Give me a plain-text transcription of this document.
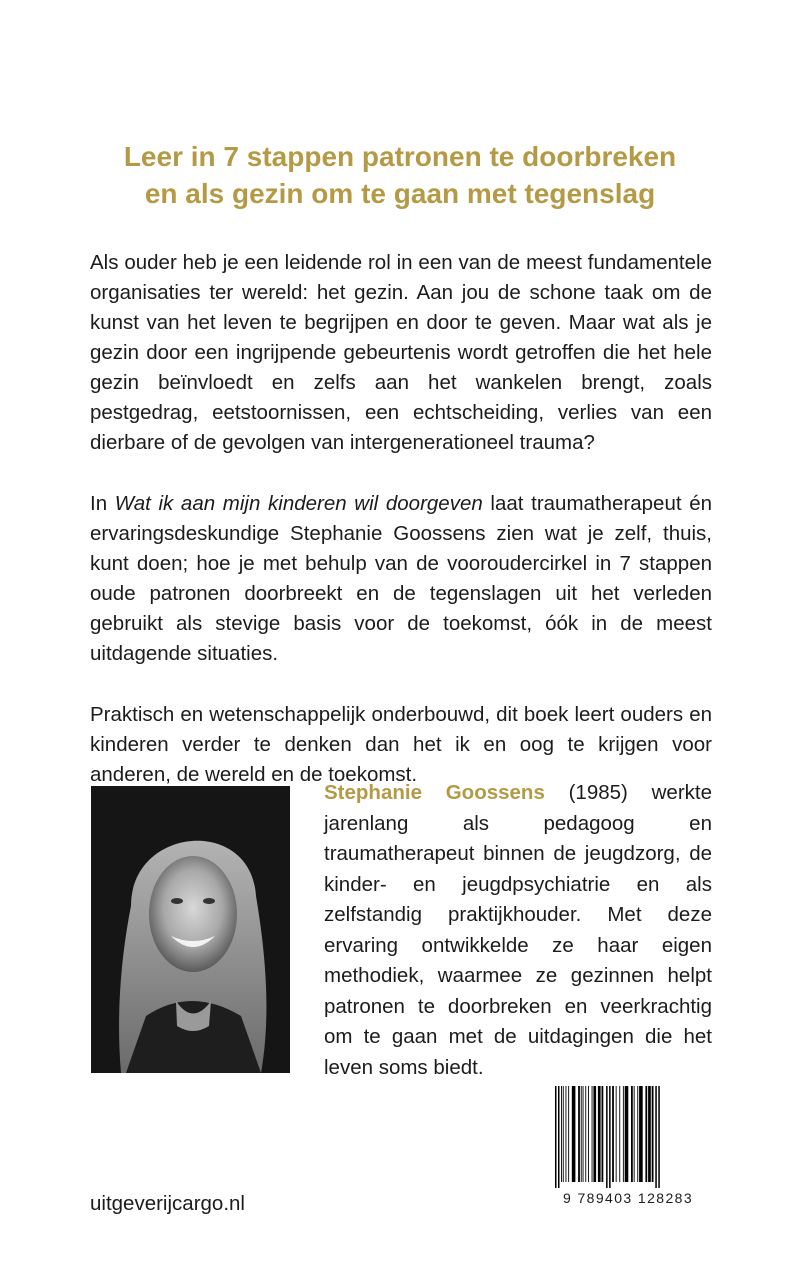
Leer in 7 stappen patronen te doorbreken
en als gezin om te gaan met tegenslag

Als ouder heb je een leidende rol in een van de meest fundamentele organisaties ter wereld: het gezin. Aan jou de schone taak om de kunst van het leven te begrijpen en door te geven. Maar wat als je gezin door een ingrijpende gebeurtenis wordt getroffen die het hele gezin beïnvloedt en zelfs aan het wankelen brengt, zoals pestgedrag, eetstoornissen, een echtscheiding, verlies van een dierbare of de gevolgen van intergenerationeel trauma?

In Wat ik aan mijn kinderen wil doorgeven laat traumatherapeut én ervaringsdeskundige Stephanie Goossens zien wat je zelf, thuis, kunt doen; hoe je met behulp van de vooroudercirkel in 7 stappen oude patronen doorbreekt en de tegenslagen uit het verleden gebruikt als stevige basis voor de toekomst, óók in de meest uitdagende situaties.

Praktisch en wetenschappelijk onderbouwd, dit boek leert ouders en kinderen verder te denken dan het ik en oog te krijgen voor anderen, de wereld en de toekomst.

Stephanie Goossens (1985) werkte jarenlang als pedagoog en traumatherapeut binnen de jeugdzorg, de kinder- en jeugdpsychiatrie en als zelfstandig praktijkhouder. Met deze ervaring ontwikkelde ze haar eigen methodiek, waarmee ze gezinnen helpt patronen te doorbreken en veerkrachtig om te gaan met de uitdagingen die het leven soms biedt.
uitgeverijcargo.nl	9 789403 128283
